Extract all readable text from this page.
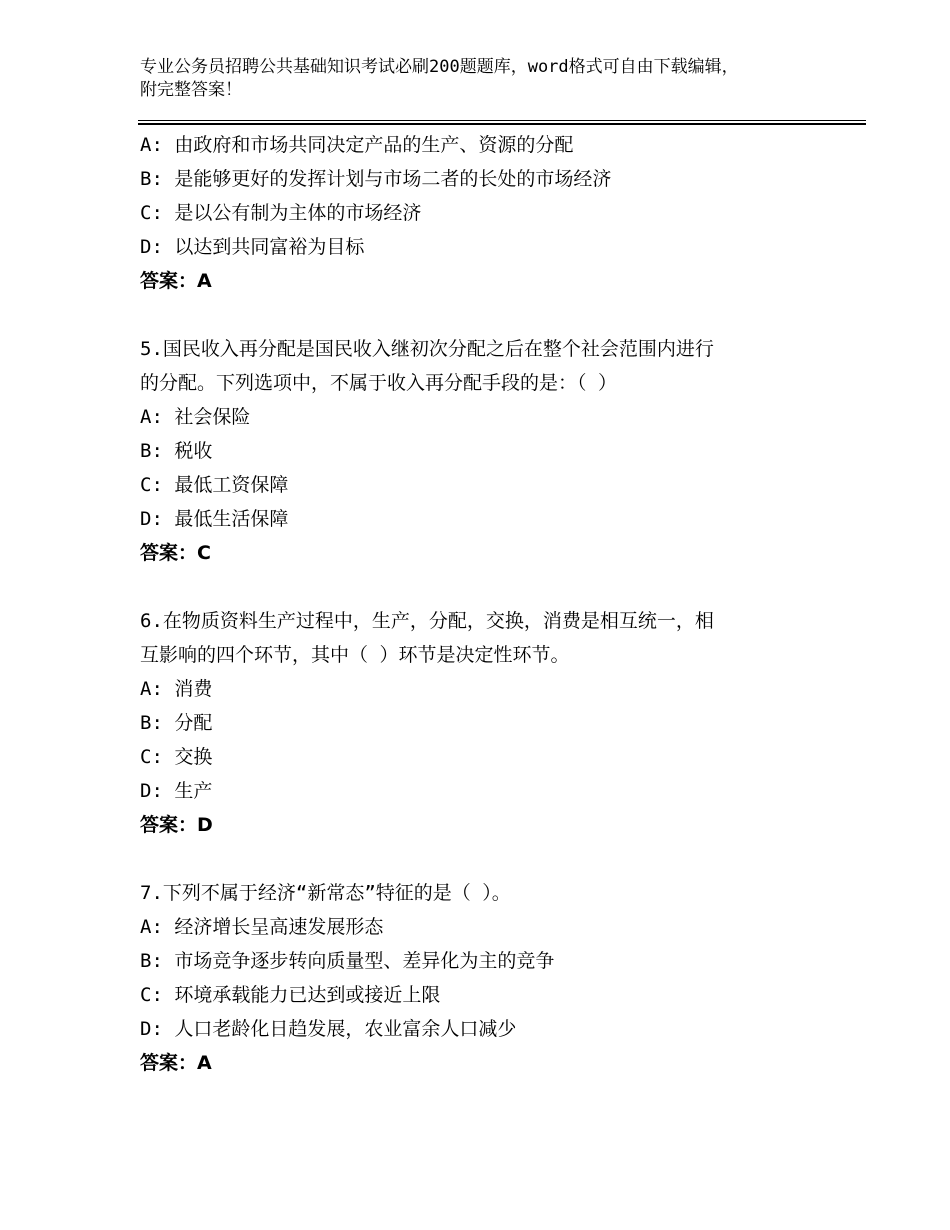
专业公务员招聘公共基础知识考试必刷200题题库，word格式可自由下载编辑，
附完整答案！
A: 由政府和市场共同决定产品的生产、资源的分配
B: 是能够更好的发挥计划与市场二者的长处的市场经济
C: 是以公有制为主体的市场经济
D: 以达到共同富裕为目标
答案：A
5.国民收入再分配是国民收入继初次分配之后在整个社会范围内进行
的分配。下列选项中，不属于收入再分配手段的是：（ ）
A: 社会保险
B: 税收
C: 最低工资保障
D: 最低生活保障
答案：C
6.在物质资料生产过程中，生产，分配，交换，消费是相互统一，相
互影响的四个环节，其中（ ）环节是决定性环节。
A: 消费
B: 分配
C: 交换
D: 生产
答案：D
7.下列不属于经济“新常态”特征的是（ ）。
A: 经济增长呈高速发展形态
B: 市场竞争逐步转向质量型、差异化为主的竞争
C: 环境承载能力已达到或接近上限
D: 人口老龄化日趋发展，农业富余人口减少
答案：A
